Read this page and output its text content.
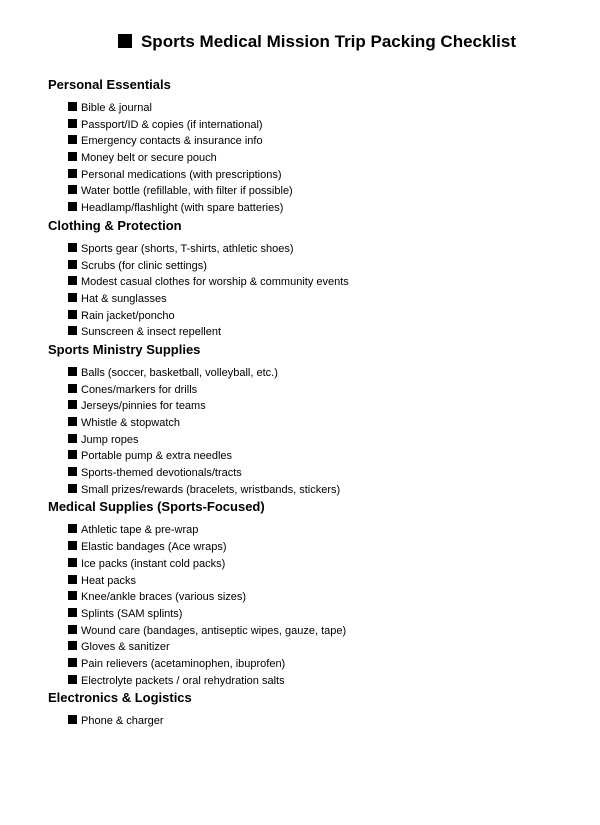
Sports Medical Mission Trip Packing Checklist
Personal Essentials
Bible & journal
Passport/ID & copies (if international)
Emergency contacts & insurance info
Money belt or secure pouch
Personal medications (with prescriptions)
Water bottle (refillable, with filter if possible)
Headlamp/flashlight (with spare batteries)
Clothing & Protection
Sports gear (shorts, T-shirts, athletic shoes)
Scrubs (for clinic settings)
Modest casual clothes for worship & community events
Hat & sunglasses
Rain jacket/poncho
Sunscreen & insect repellent
Sports Ministry Supplies
Balls (soccer, basketball, volleyball, etc.)
Cones/markers for drills
Jerseys/pinnies for teams
Whistle & stopwatch
Jump ropes
Portable pump & extra needles
Sports-themed devotionals/tracts
Small prizes/rewards (bracelets, wristbands, stickers)
Medical Supplies (Sports-Focused)
Athletic tape & pre-wrap
Elastic bandages (Ace wraps)
Ice packs (instant cold packs)
Heat packs
Knee/ankle braces (various sizes)
Splints (SAM splints)
Wound care (bandages, antiseptic wipes, gauze, tape)
Gloves & sanitizer
Pain relievers (acetaminophen, ibuprofen)
Electrolyte packets / oral rehydration salts
Electronics & Logistics
Phone & charger
